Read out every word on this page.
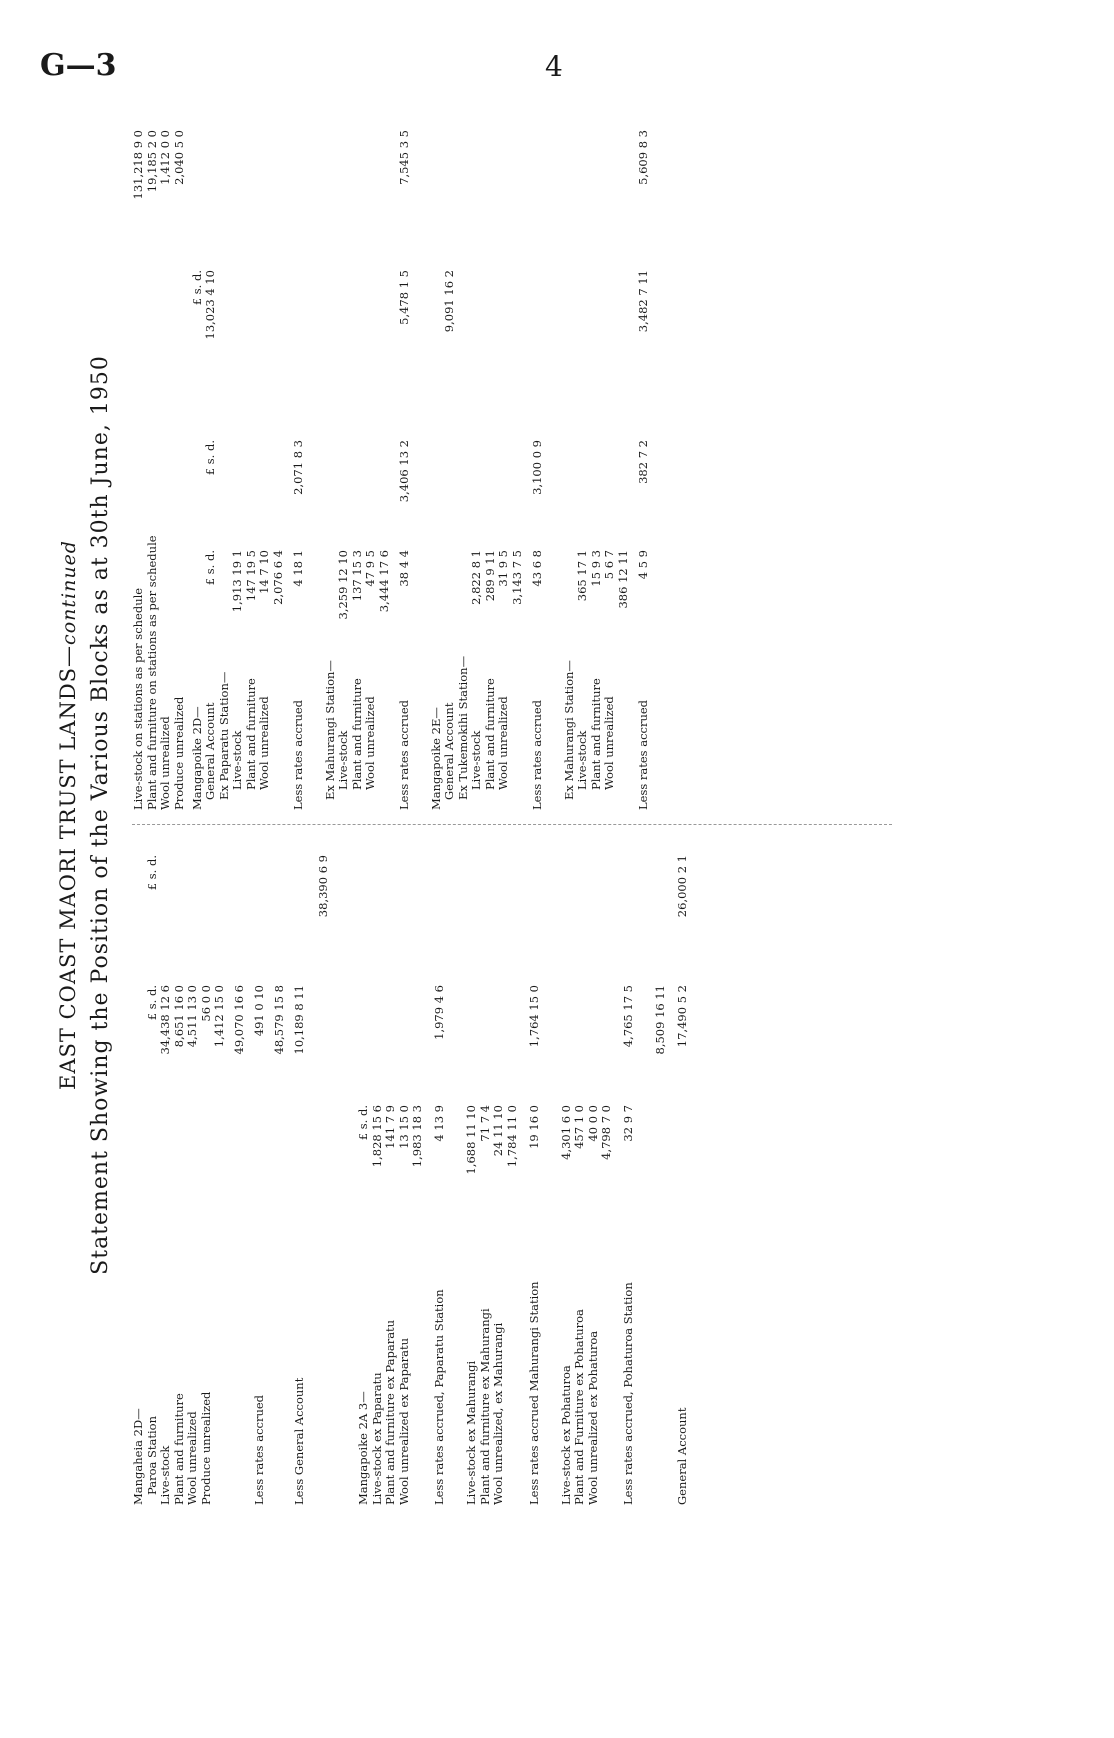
G—3	4
EAST COAST MAORI TRUST LANDS—continued Statement Showing the Position of the Various Blocks as at 30th June, 1950
Mangaheia 2D— Paroa Station
£ s. d.
£ s. d.
Live-stock
34,438 12 6
Plant and furniture
8,651 16 0
Wool unrealized
4,511 13 0
Produce unrealized
56 0 0 1,412 15 0 49,070 16 6
Less rates accrued
491 0 10 48,579 15 8
Less General Account
10,189 8 11
38,390 6 9
Mangapoike 2A 3—
£ s. d.
Live-stock ex Paparatu
1,828 15 6
Plant and furniture ex Paparatu
141 7 9
Wool unrealized ex Paparatu
13 15 0 1,983 18 3
Less rates accrued, Paparatu Station
4 13 9
1,979 4 6
Live-stock ex Mahurangi
1,688 11 10
Plant and furniture ex Mahurangi
71 7 4
Wool unrealized, ex Mahurangi
24 11 10 1,784 11 0
Less rates accrued Mahurangi Station
19 16 0
1,764 15 0
Live-stock ex Pohaturoa
4,301 6 0
Plant and Furniture ex Pohaturoa
457 1 0
Wool unrealized ex Pohaturoa
40 0 0 4,798 7 0
Less rates accrued, Pohaturoa Station
32 9 7
4,765 17 5 8,509 16 11
General Account
17,490 5 2
26,000 2 1
Live-stock on stations as per schedule
131,218 9 0
Plant and furniture on stations as per schedule
19,185 2 0
Wool unrealized
1,412 0 0
Produce unrealized
2,040 5 0
Mangapoike 2D—
£ s. d.
General Account
£ s. d.
£ s. d.
13,023 4 10
Ex Paparatu Station— Live-stock
1,913 19 1
Plant and furniture
147 19 5
Wool unrealized
14 7 10 2,076 6 4
Less rates accrued
4 18 1
2,071 8 3
Ex Mahurangi Station— Live-stock
3,259 12 10
Plant and furniture
137 15 3
Wool unrealized
47 9 5 3,444 17 6
Less rates accrued
38 4 4
3,406 13 2
5,478 1 5
7,545 3 5
Mangapoike 2E— General Account
9,091 16 2
Ex Tukemokihi Station— Live-stock
2,822 8 1
Plant and furniture
289 9 11
Wool unrealized
31 9 5 3,143 7 5
Less rates accrued
43 6 8
3,100 0 9
Ex Mahurangi Station— Live-stock
365 17 1
Plant and furniture
15 9 3
Wool unrealized
5 6 7 386 12 11
Less rates accrued
4 5 9
382 7 2
3,482 7 11
5,609 8 3
